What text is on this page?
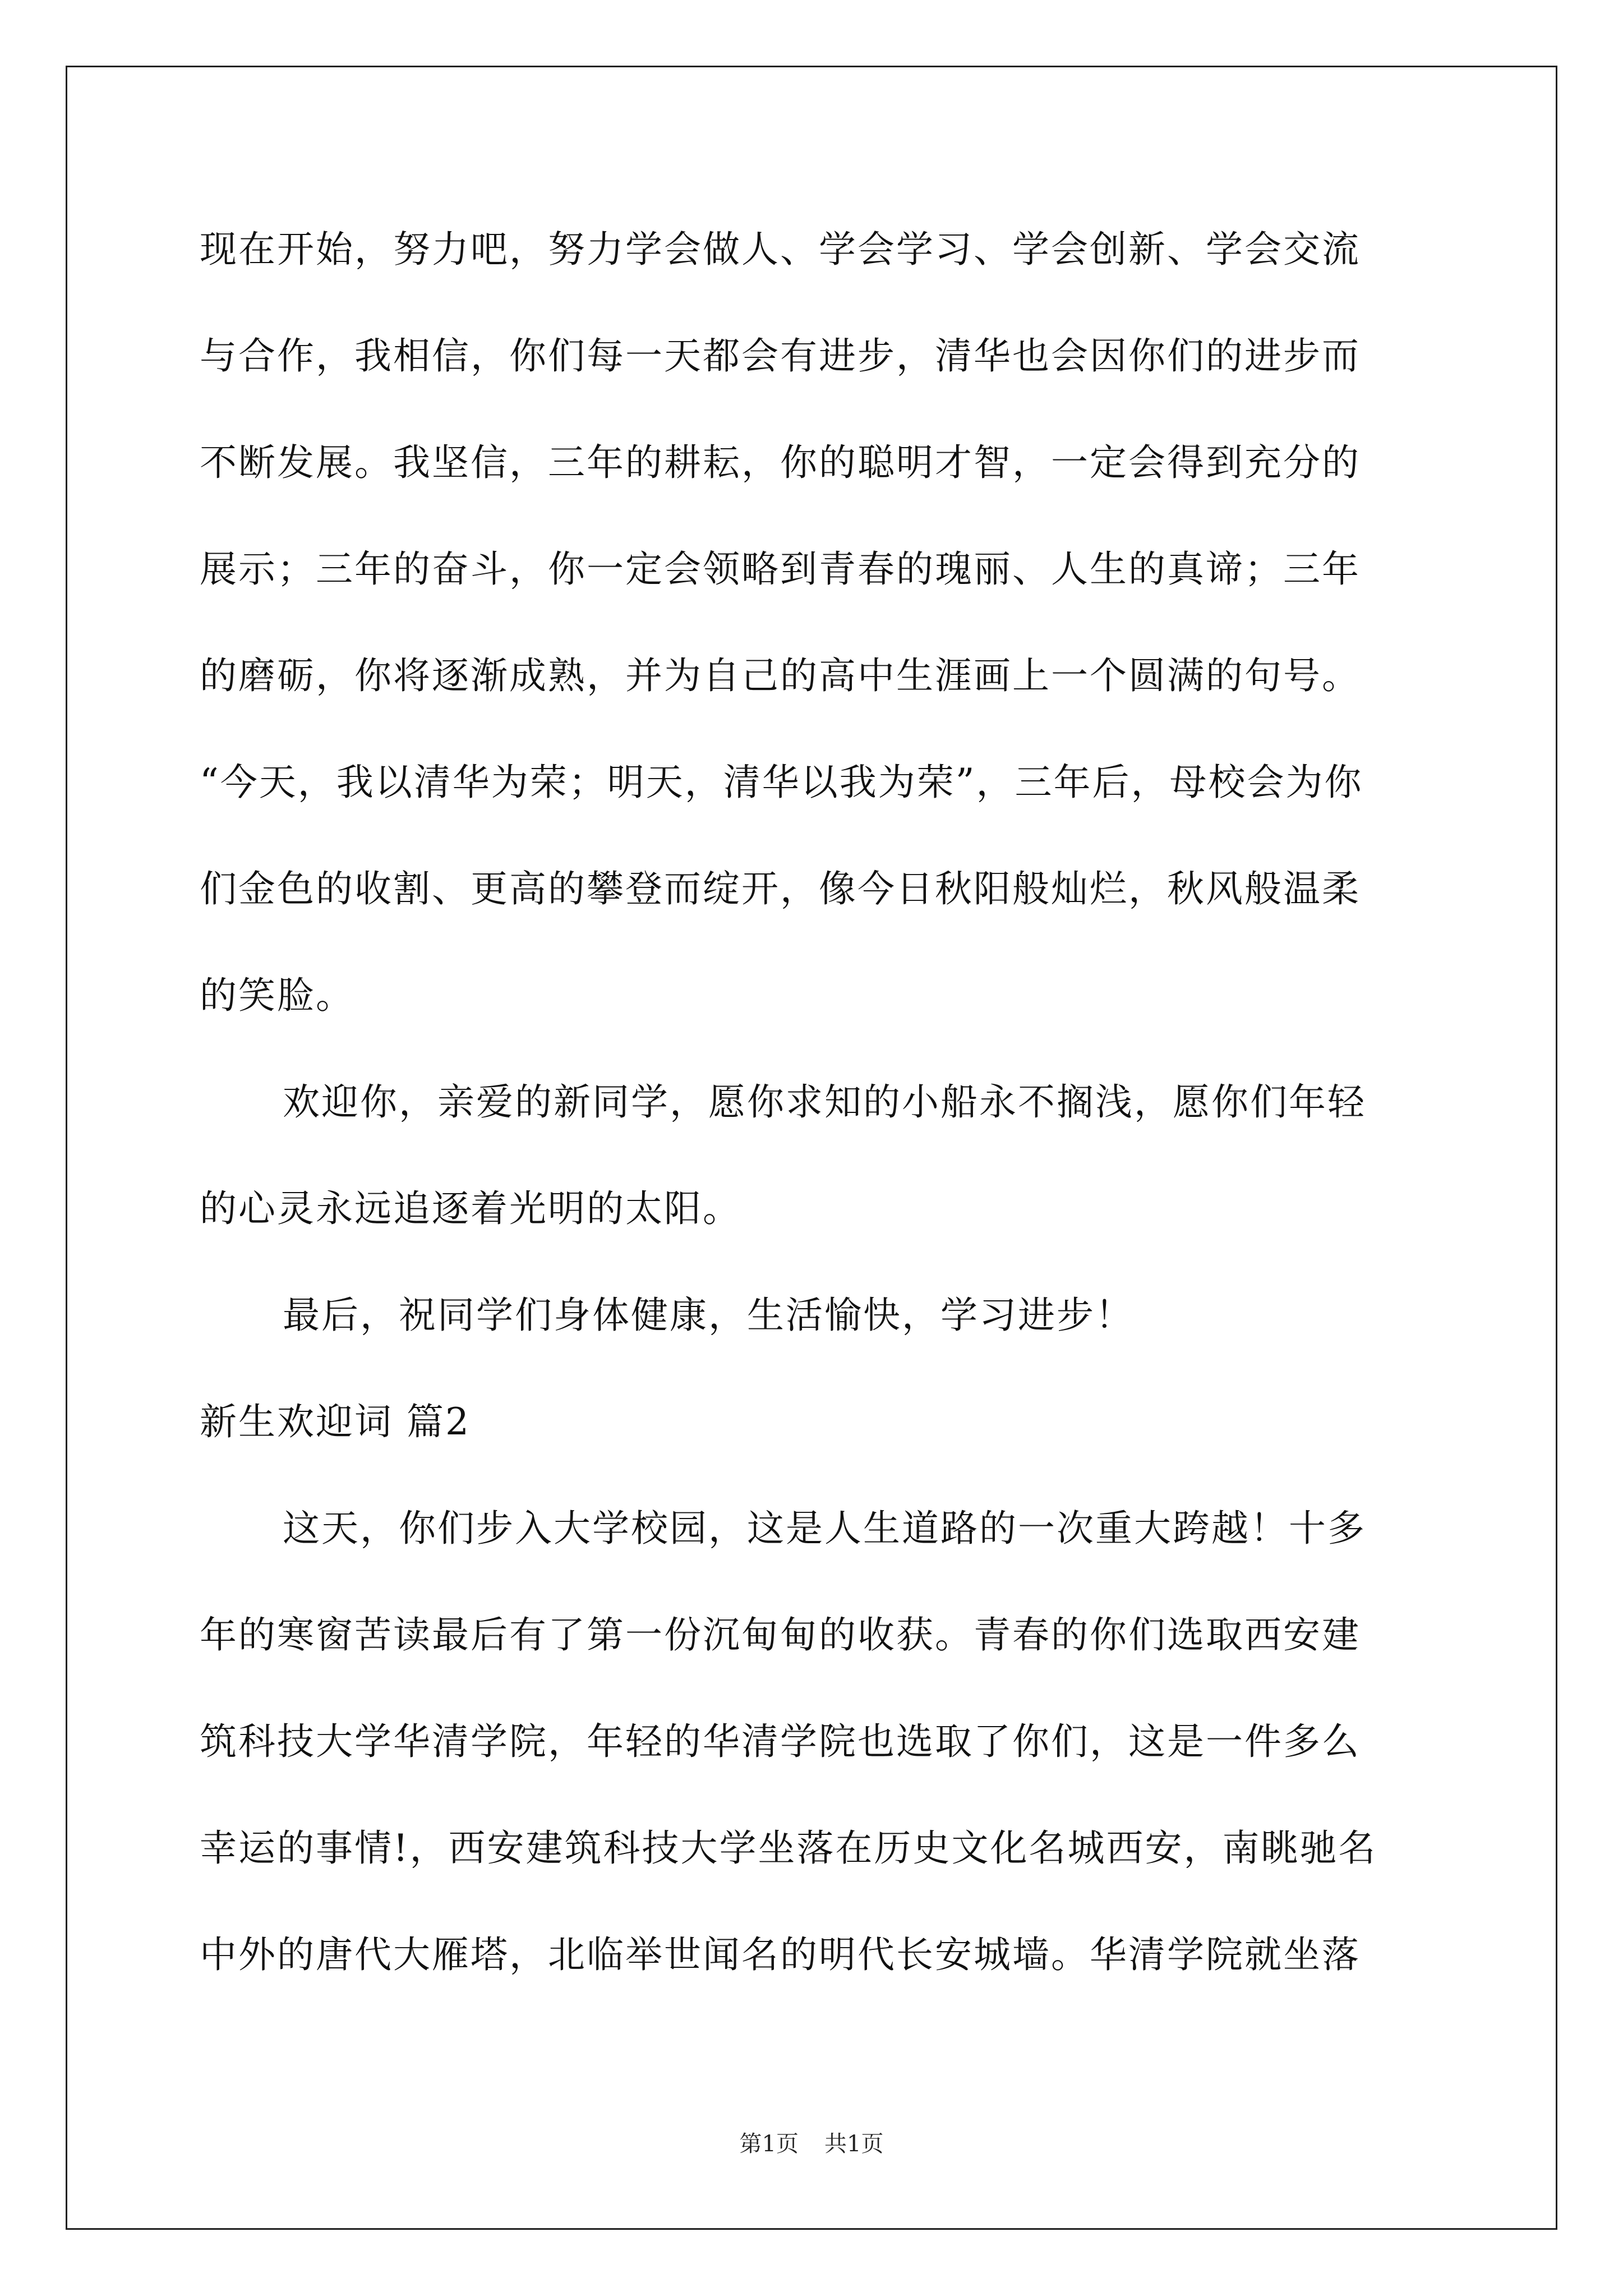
现在开始，努力吧，努力学会做人、学会学习、学会创新、学会交流
与合作，我相信，你们每一天都会有进步，清华也会因你们的进步而
不断发展。我坚信，三年的耕耘，你的聪明才智，一定会得到充分的
展示；三年的奋斗，你一定会领略到青春的瑰丽、人生的真谛；三年
的磨砺，你将逐渐成熟，并为自己的高中生涯画上一个圆满的句号。
“今天，我以清华为荣；明天，清华以我为荣”，三年后，母校会为你
们金色的收割、更高的攀登而绽开，像今日秋阳般灿烂，秋风般温柔
的笑脸。
欢迎你，亲爱的新同学，愿你求知的小船永不搁浅，愿你们年轻
的心灵永远追逐着光明的太阳。
最后，祝同学们身体健康，生活愉快，学习进步！
新生欢迎词 篇2
这天，你们步入大学校园，这是人生道路的一次重大跨越！十多
年的寒窗苦读最后有了第一份沉甸甸的收获。青春的你们选取西安建
筑科技大学华清学院，年轻的华清学院也选取了你们，这是一件多么
幸运的事情!，西安建筑科技大学坐落在历史文化名城西安，南眺驰名
中外的唐代大雁塔，北临举世闻名的明代长安城墙。华清学院就坐落
第1页 共1页
